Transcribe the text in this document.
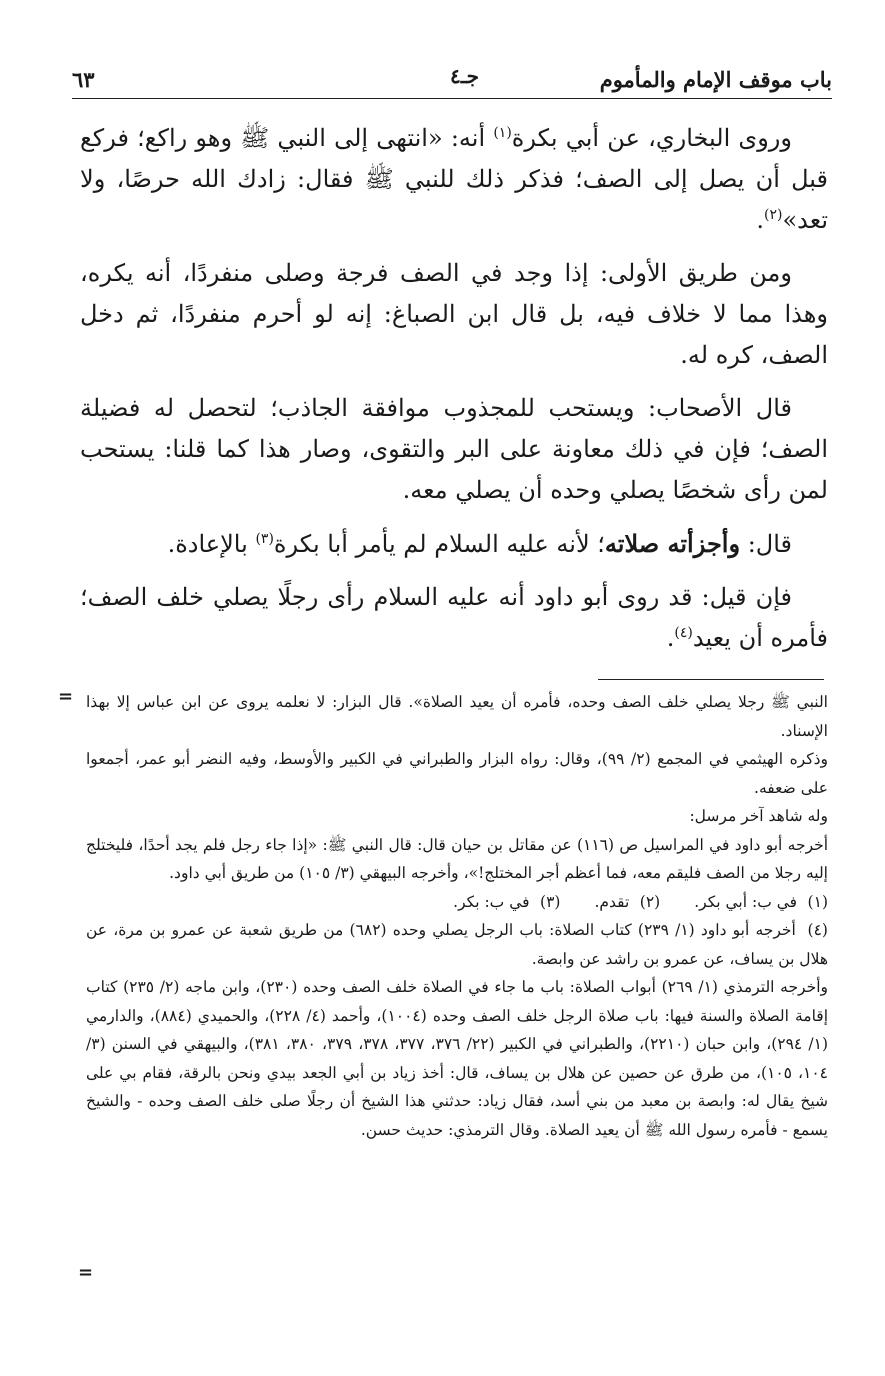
باب موقف الإمام والمأموم
جـ٤
٦٣

وروى البخاري، عن أبي بكرة$^{(١)}$ أنه: «انتهى إلى النبي ﷺ وهو راكع؛ فركع قبل أن يصل إلى الصف؛ فذكر ذلك للنبي ﷺ فقال: زادك الله حرصًا، ولا تعد»$^{(٢)}$.

ومن طريق الأولى: إذا وجد في الصف فرجة وصلى منفردًا، أنه يكره، وهذا مما لا خلاف فيه، بل قال ابن الصباغ: إنه لو أحرم منفردًا، ثم دخل الصف، كره له.

قال الأصحاب: ويستحب للمجذوب موافقة الجاذب؛ لتحصل له فضيلة الصف؛ فإن في ذلك معاونة على البر والتقوى، وصار هذا كما قلنا: يستحب لمن رأى شخصًا يصلي وحده أن يصلي معه.

قال: وأجزأته صلاته؛ لأنه عليه السلام لم يأمر أبا بكرة$^{(٣)}$ بالإعادة.

فإن قيل: قد روى أبو داود أنه عليه السلام رأى رجلًا يصلي خلف الصف؛ فأمره أن يعيد$^{(٤)}$.

= النبي ﷺ رجلا يصلي خلف الصف وحده، فأمره أن يعيد الصلاة». قال البزار: لا نعلمه يروى عن ابن عباس إلا بهذا الإسناد.

وذكره الهيثمي في المجمع (٢/ ٩٩)، وقال: رواه البزار والطبراني في الكبير والأوسط، وفيه النضر أبو عمر، أجمعوا على ضعفه.

وله شاهد آخر مرسل:

أخرجه أبو داود في المراسيل ص (١١٦) عن مقاتل بن حيان قال: قال النبي ﷺ: «إذا جاء رجل فلم يجد أحدًا، فليختلج إليه رجلا من الصف فليقم معه، فما أعظم أجر المختلج!»، وأخرجه البيهقي (٣/ ١٠٥) من طريق أبي داود.

(١) في ب: أبي بكر.
(٢) تقدم.
(٣) في ب: بكر.

(٤) أخرجه أبو داود (١/ ٢٣٩) كتاب الصلاة: باب الرجل يصلي وحده (٦٨٢) من طريق شعبة عن عمرو بن مرة، عن هلال بن يساف، عن عمرو بن راشد عن وابصة.

وأخرجه الترمذي (١/ ٢٦٩) أبواب الصلاة: باب ما جاء في الصلاة خلف الصف وحده (٢٣٠)، وابن ماجه (٢/ ٢٣٥) كتاب إقامة الصلاة والسنة فيها: باب صلاة الرجل خلف الصف وحده (١٠٠٤)، وأحمد (٤/ ٢٢٨)، والحميدي (٨٨٤)، والدارمي (١/ ٢٩٤)، وابن حبان (٢٢١٠)، والطبراني في الكبير (٢٢/ ٣٧٦، ٣٧٧، ٣٧٨، ٣٧٩، ٣٨٠، ٣٨١)، والبيهقي في السنن (٣/ ١٠٤، ١٠٥)، من طرق عن حصين عن هلال بن يساف، قال: أخذ زياد بن أبي الجعد بيدي ونحن بالرقة، فقام بي على شيخ يقال له: وابصة بن معبد من بني أسد، فقال زياد: حدثني هذا الشيخ أن رجلًا صلى خلف الصف وحده - والشيخ يسمع - فأمره رسول الله ﷺ أن يعيد الصلاة. وقال الترمذي: حديث حسن.

=
